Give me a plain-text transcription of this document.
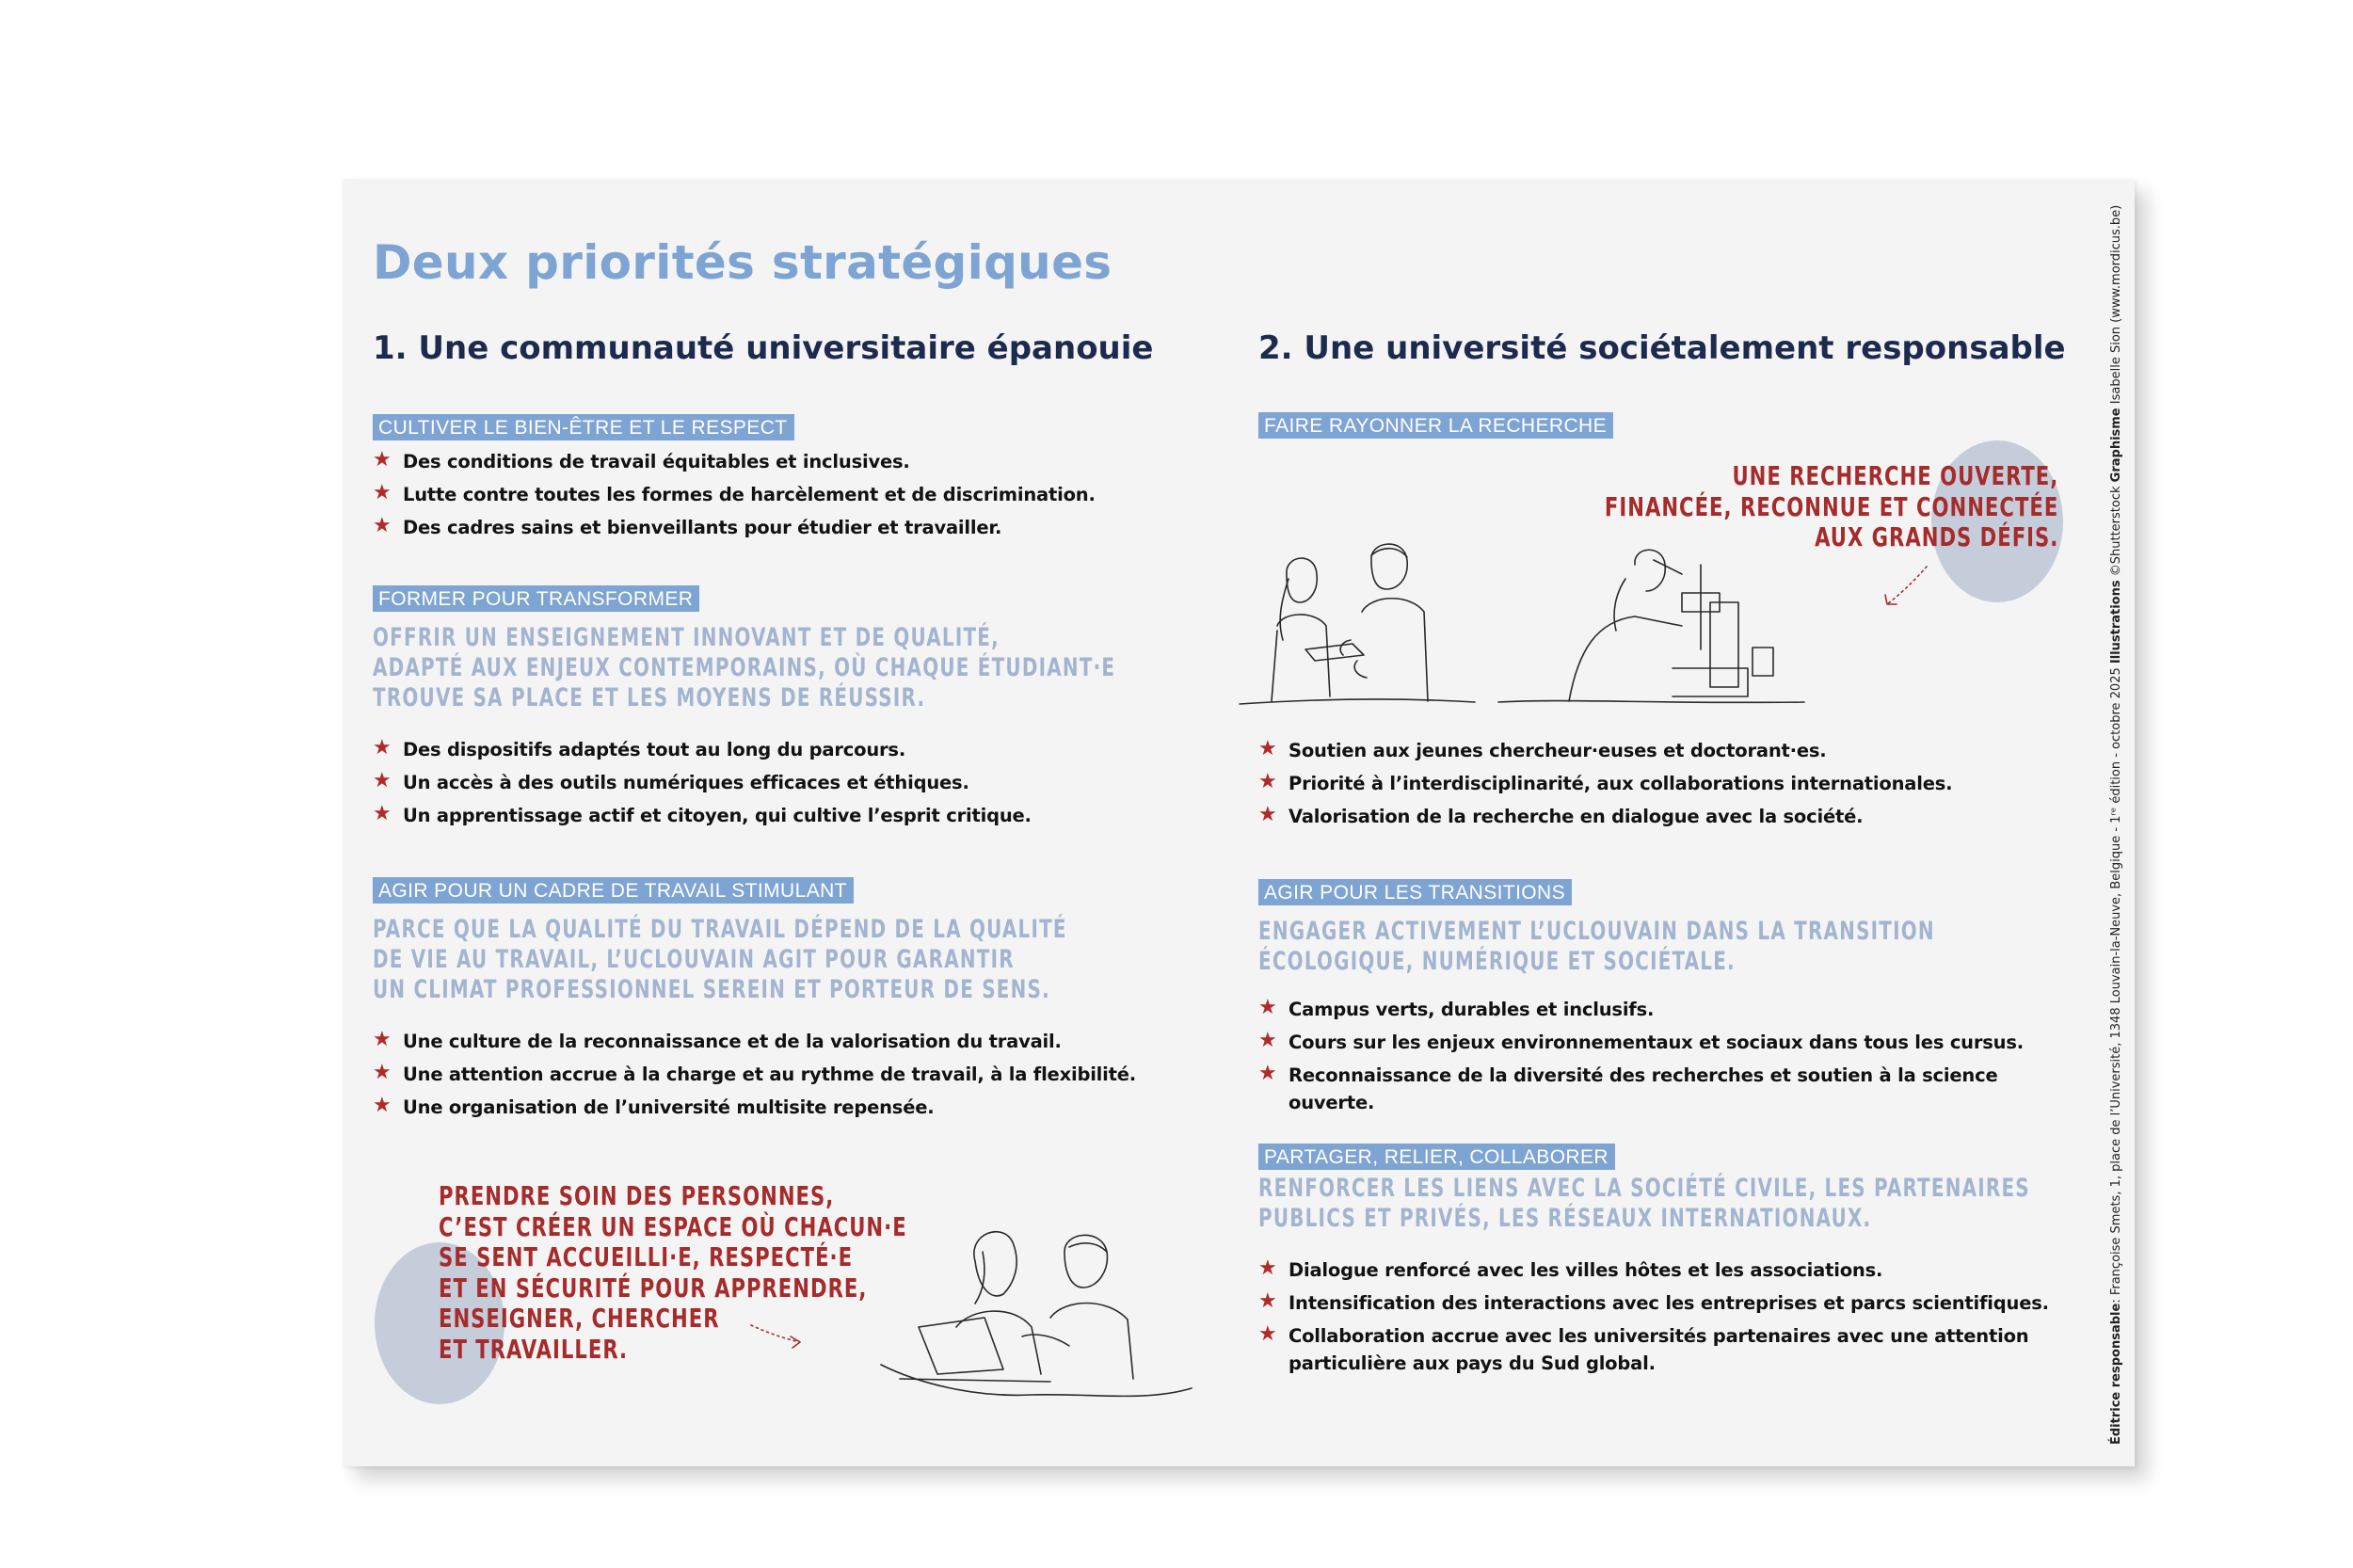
Deux priorités stratégiques
1. Une communauté universitaire épanouie
CULTIVER LE BIEN-ÊTRE ET LE RESPECT
★ Des conditions de travail équitables et inclusives.
★ Lutte contre toutes les formes de harcèlement et de discrimination.
★ Des cadres sains et bienveillants pour étudier et travailler.
FORMER POUR TRANSFORMER
OFFRIR UN ENSEIGNEMENT INNOVANT ET DE QUALITÉ,
ADAPTÉ AUX ENJEUX CONTEMPORAINS, OÙ CHAQUE ÉTUDIANT·E
TROUVE SA PLACE ET LES MOYENS DE RÉUSSIR.
★ Des dispositifs adaptés tout au long du parcours.
★ Un accès à des outils numériques efficaces et éthiques.
★ Un apprentissage actif et citoyen, qui cultive l’esprit critique.
AGIR POUR UN CADRE DE TRAVAIL STIMULANT
PARCE QUE LA QUALITÉ DU TRAVAIL DÉPEND DE LA QUALITÉ
DE VIE AU TRAVAIL, L’UCLOUVAIN AGIT POUR GARANTIR
UN CLIMAT PROFESSIONNEL SEREIN ET PORTEUR DE SENS.
★ Une culture de la reconnaissance et de la valorisation du travail.
★ Une attention accrue à la charge et au rythme de travail, à la flexibilité.
★ Une organisation de l’université multisite repensée.
PRENDRE SOIN DES PERSONNES,
C’EST CRÉER UN ESPACE OÙ CHACUN·E
SE SENT ACCUEILLI·E, RESPECTÉ·E
ET EN SÉCURITÉ POUR APPRENDRE,
ENSEIGNER, CHERCHER
ET TRAVAILLER.
2. Une université sociétalement responsable
FAIRE RAYONNER LA RECHERCHE
UNE RECHERCHE OUVERTE,
FINANCÉE, RECONNUE ET CONNECTÉE
AUX GRANDS DÉFIS.
★ Soutien aux jeunes chercheur·euses et doctorant·es.
★ Priorité à l’interdisciplinarité, aux collaborations internationales.
★ Valorisation de la recherche en dialogue avec la société.
AGIR POUR LES TRANSITIONS
ENGAGER ACTIVEMENT L’UCLOUVAIN DANS LA TRANSITION
ÉCOLOGIQUE, NUMÉRIQUE ET SOCIÉTALE.
★ Campus verts, durables et inclusifs.
★ Cours sur les enjeux environnementaux et sociaux dans tous les cursus.
★ Reconnaissance de la diversité des recherches et soutien à la science ouverte.
PARTAGER, RELIER, COLLABORER
RENFORCER LES LIENS AVEC LA SOCIÉTÉ CIVILE, LES PARTENAIRES
PUBLICS ET PRIVÉS, LES RÉSEAUX INTERNATIONAUX.
★ Dialogue renforcé avec les villes hôtes et les associations.
★ Intensification des interactions avec les entreprises et parcs scientifiques.
★ Collaboration accrue avec les universités partenaires avec une attention particulière aux pays du Sud global.	Éditrice responsable: Françoise Smets, 1, place de l’Université, 1348 Louvain-la-Neuve, Belgique - 1ʳᵉ édition - octobre 2025 Illustrations ©Shutterstock Graphisme Isabelle Sion (www.mordicus.be)
